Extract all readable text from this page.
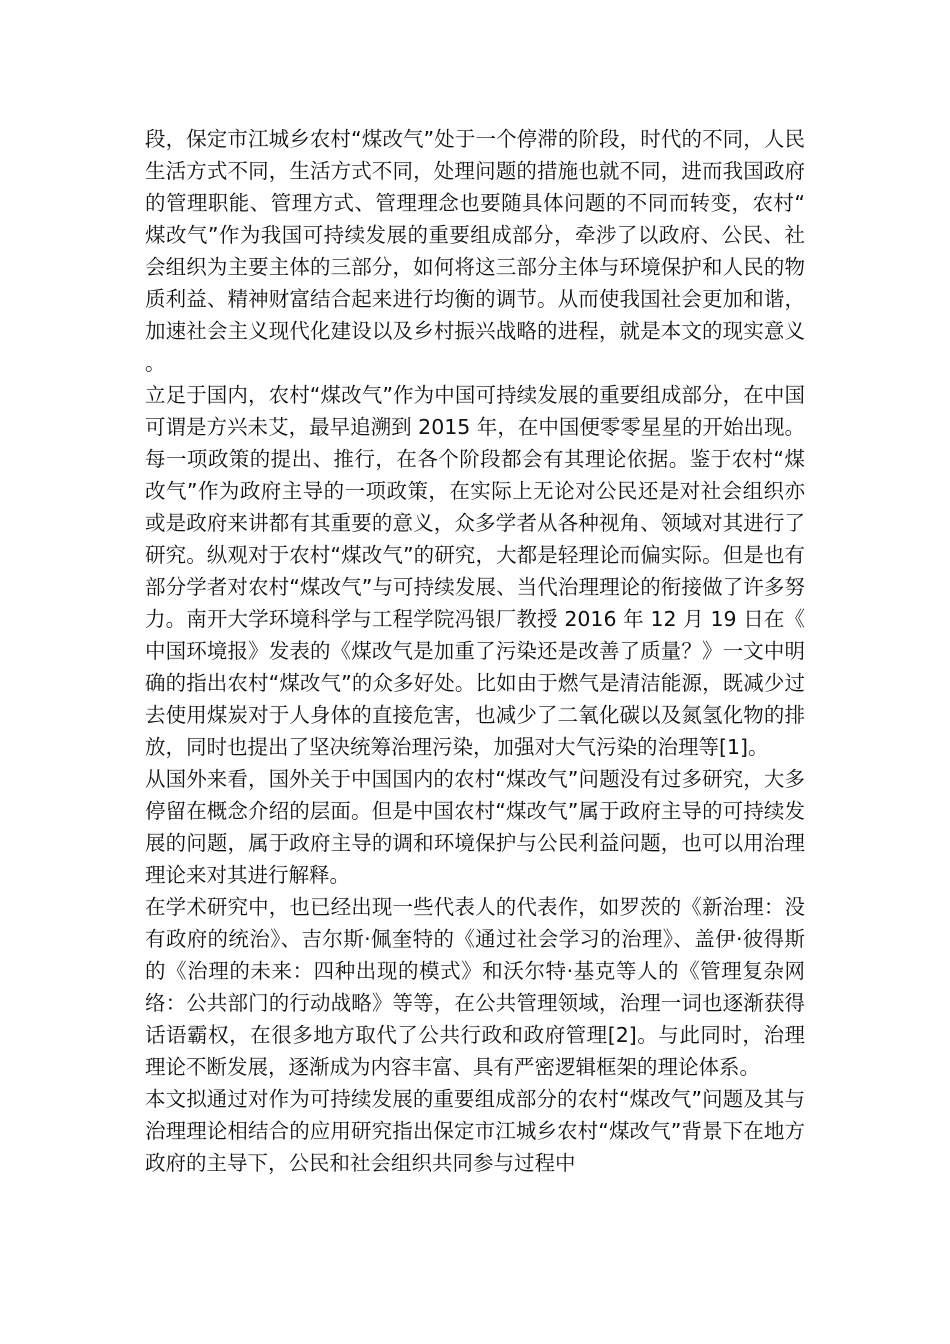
段，保定市江城乡农村“煤改气”处于一个停滞的阶段，时代的不同，人民生活方式不同，生活方式不同，处理问题的措施也就不同，进而我国政府的管理职能、管理方式、管理理念也要随具体问题的不同而转变，农村“煤改气”作为我国可持续发展的重要组成部分，牵涉了以政府、公民、社会组织为主要主体的三部分，如何将这三部分主体与环境保护和人民的物质利益、精神财富结合起来进行均衡的调节。从而使我国社会更加和谐，加速社会主义现代化建设以及乡村振兴战略的进程，就是本文的现实意义。

立足于国内，农村“煤改气”作为中国可持续发展的重要组成部分，在中国可谓是方兴未艾，最早追溯到 2015 年，在中国便零零星星的开始出现。每一项政策的提出、推行，在各个阶段都会有其理论依据。鉴于农村“煤改气”作为政府主导的一项政策，在实际上无论对公民还是对社会组织亦或是政府来讲都有其重要的意义，众多学者从各种视角、领域对其进行了研究。纵观对于农村“煤改气”的研究，大都是轻理论而偏实际。但是也有部分学者对农村“煤改气”与可持续发展、当代治理理论的衔接做了许多努力。南开大学环境科学与工程学院冯银厂教授 2016 年 12 月 19 日在《中国环境报》发表的《煤改气是加重了污染还是改善了质量？》一文中明确的指出农村“煤改气”的众多好处。比如由于燃气是清洁能源，既减少过去使用煤炭对于人身体的直接危害，也减少了二氧化碳以及氮氢化物的排放，同时也提出了坚决统筹治理污染，加强对大气污染的治理等[1]。

从国外来看，国外关于中国国内的农村“煤改气”问题没有过多研究，大多停留在概念介绍的层面。但是中国农村“煤改气”属于政府主导的可持续发展的问题，属于政府主导的调和环境保护与公民利益问题，也可以用治理理论来对其进行解释。

在学术研究中，也已经出现一些代表人的代表作，如罗茨的《新治理：没有政府的统治》、吉尔斯·佩奎特的《通过社会学习的治理》、盖伊·彼得斯的《治理的未来：四种出现的模式》和沃尔特·基克等人的《管理复杂网络：公共部门的行动战略》等等，在公共管理领域，治理一词也逐渐获得话语霸权，在很多地方取代了公共行政和政府管理[2]。与此同时，治理理论不断发展，逐渐成为内容丰富、具有严密逻辑框架的理论体系。

本文拟通过对作为可持续发展的重要组成部分的农村“煤改气”问题及其与治理理论相结合的应用研究指出保定市江城乡农村“煤改气”背景下在地方政府的主导下，公民和社会组织共同参与过程中
